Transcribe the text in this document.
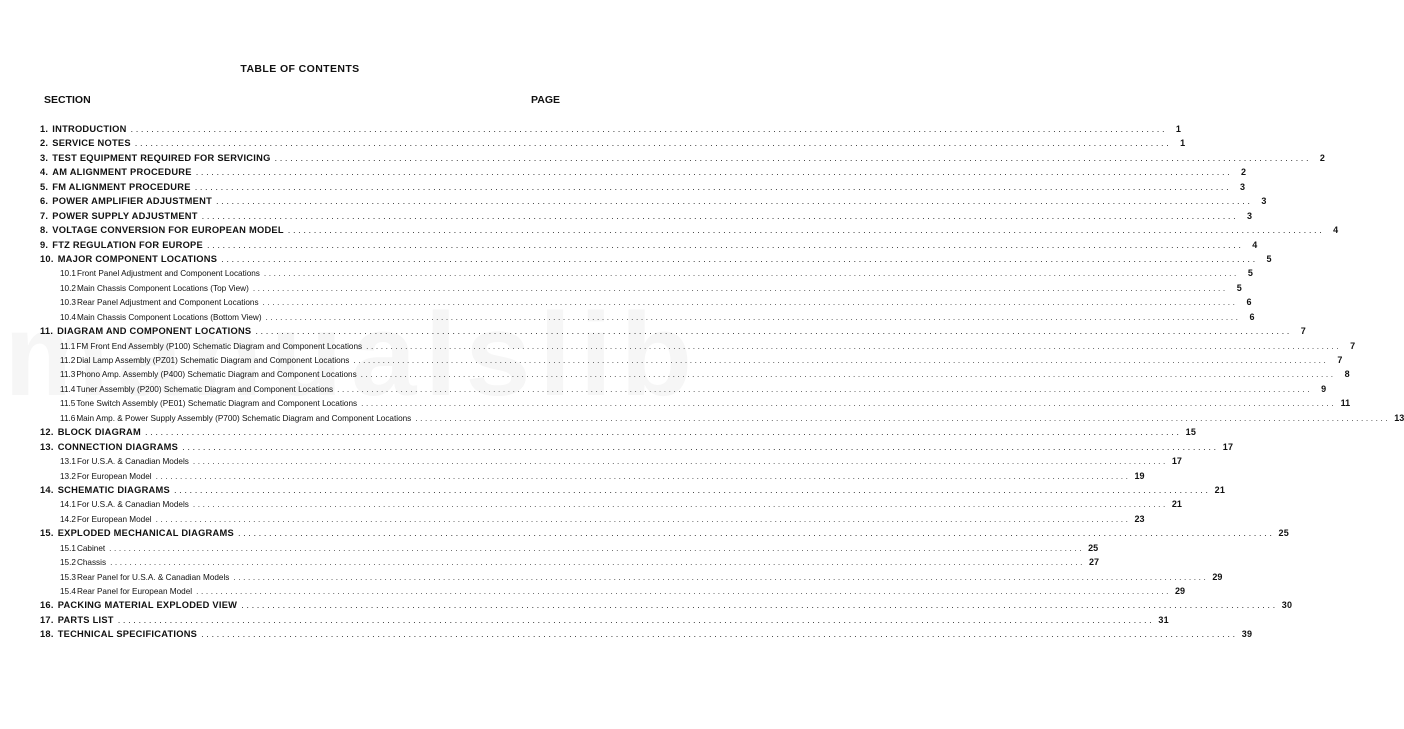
TABLE OF CONTENTS
SECTION	PAGE
1. INTRODUCTION ........................................................................................................................................................................................................ 1
2. SERVICE NOTES ........................................................................................................................................................................................................ 1
3. TEST EQUIPMENT REQUIRED FOR SERVICING ........................................................................................................................................................................................................ 2
4. AM ALIGNMENT PROCEDURE ........................................................................................................................................................................................................ 2
5. FM ALIGNMENT PROCEDURE ........................................................................................................................................................................................................ 3
6. POWER AMPLIFIER ADJUSTMENT ........................................................................................................................................................................................................ 3
7. POWER SUPPLY ADJUSTMENT ........................................................................................................................................................................................................ 3
8. VOLTAGE CONVERSION FOR EUROPEAN MODEL ........................................................................................................................................................................................................ 4
9. FTZ REGULATION FOR EUROPE ........................................................................................................................................................................................................ 4
10. MAJOR COMPONENT LOCATIONS ........................................................................................................................................................................................................ 5
10.1 Front Panel Adjustment and Component Locations ........................................................................................................................................................................................................ 5
10.2 Main Chassis Component Locations (Top View) ........................................................................................................................................................................................................ 5
10.3 Rear Panel Adjustment and Component Locations ........................................................................................................................................................................................................ 6
10.4 Main Chassis Component Locations (Bottom View) ........................................................................................................................................................................................................ 6
11. DIAGRAM AND COMPONENT LOCATIONS ........................................................................................................................................................................................................ 7
11.1 FM Front End Assembly (P100) Schematic Diagram and Component Locations ........................................................................................................................................................................................................ 7
11.2 Dial Lamp Assembly (PZ01) Schematic Diagram and Component Locations ........................................................................................................................................................................................................ 7
11.3 Phono Amp. Assembly (P400) Schematic Diagram and Component Locations ........................................................................................................................................................................................................ 8
11.4 Tuner Assembly (P200) Schematic Diagram and Component Locations ........................................................................................................................................................................................................ 9
11.5 Tone Switch Assembly (PE01) Schematic Diagram and Component Locations ........................................................................................................................................................................................................ 11
11.6 Main Amp. & Power Supply Assembly (P700) Schematic Diagram and Component Locations ........................................................................................................................................................................................................ 13
12. BLOCK DIAGRAM ........................................................................................................................................................................................................ 15
13. CONNECTION DIAGRAMS ........................................................................................................................................................................................................ 17
13.1 For U.S.A. & Canadian Models ........................................................................................................................................................................................................ 17
13.2 For European Model ........................................................................................................................................................................................................ 19
14. SCHEMATIC DIAGRAMS ........................................................................................................................................................................................................ 21
14.1 For U.S.A. & Canadian Models ........................................................................................................................................................................................................ 21
14.2 For European Model ........................................................................................................................................................................................................ 23
15. EXPLODED MECHANICAL DIAGRAMS ........................................................................................................................................................................................................ 25
15.1 Cabinet ........................................................................................................................................................................................................ 25
15.2 Chassis ........................................................................................................................................................................................................ 27
15.3 Rear Panel for U.S.A. & Canadian Models ........................................................................................................................................................................................................ 29
15.4 Rear Panel for European Model ........................................................................................................................................................................................................ 29
16. PACKING MATERIAL EXPLODED VIEW ........................................................................................................................................................................................................ 30
17. PARTS LIST ........................................................................................................................................................................................................ 31
18. TECHNICAL SPECIFICATIONS ........................................................................................................................................................................................................ 39
